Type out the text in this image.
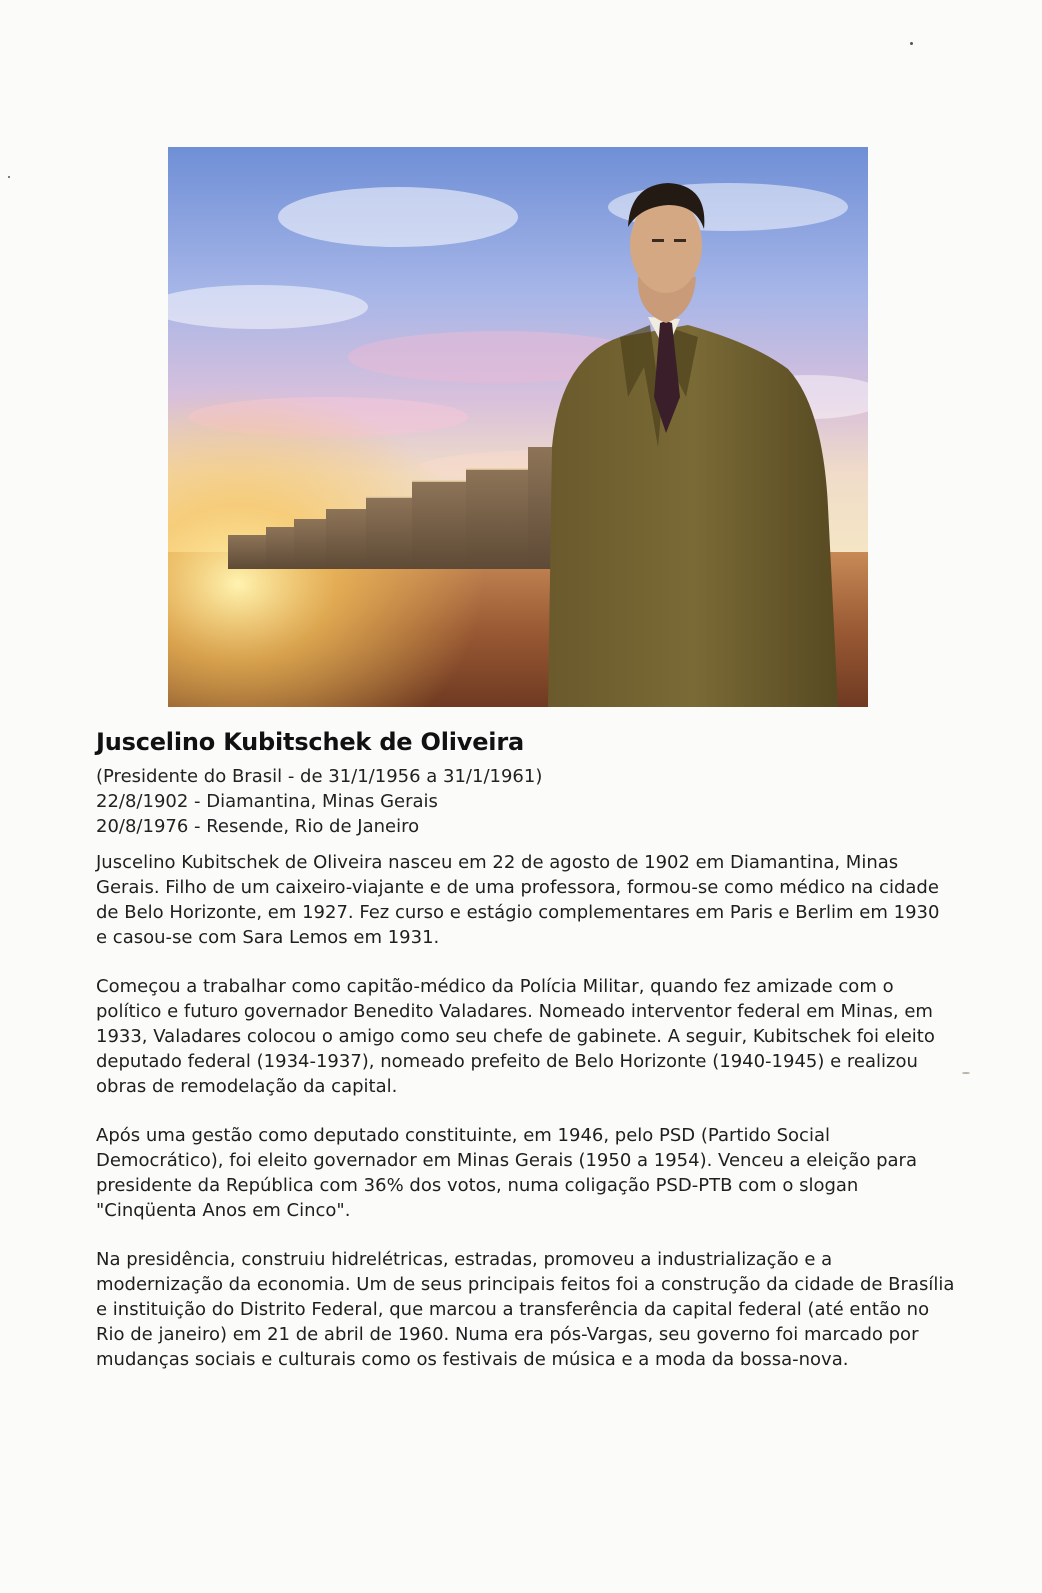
Juscelino Kubitschek de Oliveira
(Presidente do Brasil - de 31/1/1956 a 31/1/1961)
22/8/1902 - Diamantina, Minas Gerais
20/8/1976 - Resende, Rio de Janeiro

Juscelino Kubitschek de Oliveira nasceu em 22 de agosto de 1902 em Diamantina, Minas Gerais. Filho de um caixeiro-viajante e de uma professora, formou-se como médico na cidade de Belo Horizonte, em 1927. Fez curso e estágio complementares em Paris e Berlim em 1930 e casou-se com Sara Lemos em 1931.

Começou a trabalhar como capitão-médico da Polícia Militar, quando fez amizade com o político e futuro governador Benedito Valadares. Nomeado interventor federal em Minas, em 1933, Valadares colocou o amigo como seu chefe de gabinete. A seguir, Kubitschek foi eleito deputado federal (1934-1937), nomeado prefeito de Belo Horizonte (1940-1945) e realizou obras de remodelação da capital.

Após uma gestão como deputado constituinte, em 1946, pelo PSD (Partido Social Democrático), foi eleito governador em Minas Gerais (1950 a 1954). Venceu a eleição para presidente da República com 36% dos votos, numa coligação PSD-PTB com o slogan "Cinqüenta Anos em Cinco".

Na presidência, construiu hidrelétricas, estradas, promoveu a industrialização e a modernização da economia. Um de seus principais feitos foi a construção da cidade de Brasília e instituição do Distrito Federal, que marcou a transferência da capital federal (até então no Rio de janeiro) em 21 de abril de 1960. Numa era pós-Vargas, seu governo foi marcado por mudanças sociais e culturais como os festivais de música e a moda da bossa-nova.
